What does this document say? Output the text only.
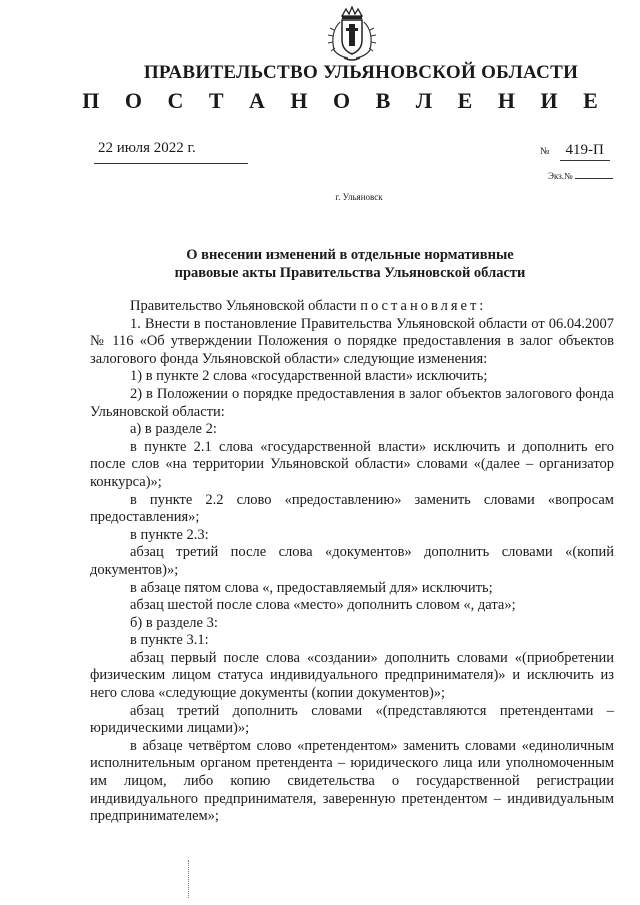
ПРАВИТЕЛЬСТВО УЛЬЯНОВСКОЙ ОБЛАСТИ
П О С Т А Н О В Л Е Н И Е
22 июля 2022 г.	№ 419-П
Экз.№
г. Ульяновск
О внесении изменений в отдельные нормативные
правовые акты Правительства Ульяновской области

Правительство Ульяновской области постановляет:

1. Внести в постановление Правительства Ульяновской области от 06.04.2007 № 116 «Об утверждении Положения о порядке предоставления в залог объектов залогового фонда Ульяновской области» следующие изменения:

1) в пункте 2 слова «государственной власти» исключить;

2) в Положении о порядке предоставления в залог объектов залогового фонда Ульяновской области:

а) в разделе 2:

в пункте 2.1 слова «государственной власти» исключить и дополнить его после слов «на территории Ульяновской области» словами «(далее – организатор конкурса)»;

в пункте 2.2 слово «предоставлению» заменить словами «вопросам предоставления»;

в пункте 2.3:

абзац третий после слова «документов» дополнить словами «(копий документов)»;

в абзаце пятом слова «, предоставляемый для» исключить;

абзац шестой после слова «место» дополнить словом «, дата»;

б) в разделе 3:

в пункте 3.1:

абзац первый после слова «создании» дополнить словами «(приобретении физическим лицом статуса индивидуального предпринимателя)» и исключить из него слова «следующие документы (копии документов)»;

абзац третий дополнить словами «(представляются претендентами – юридическими лицами)»;

в абзаце четвёртом слово «претендентом» заменить словами «единоличным исполнительным органом претендента – юридического лица или уполномоченным им лицом, либо копию свидетельства о государственной регистрации индивидуального предпринимателя, заверенную претендентом – индивидуальным предпринимателем»;
